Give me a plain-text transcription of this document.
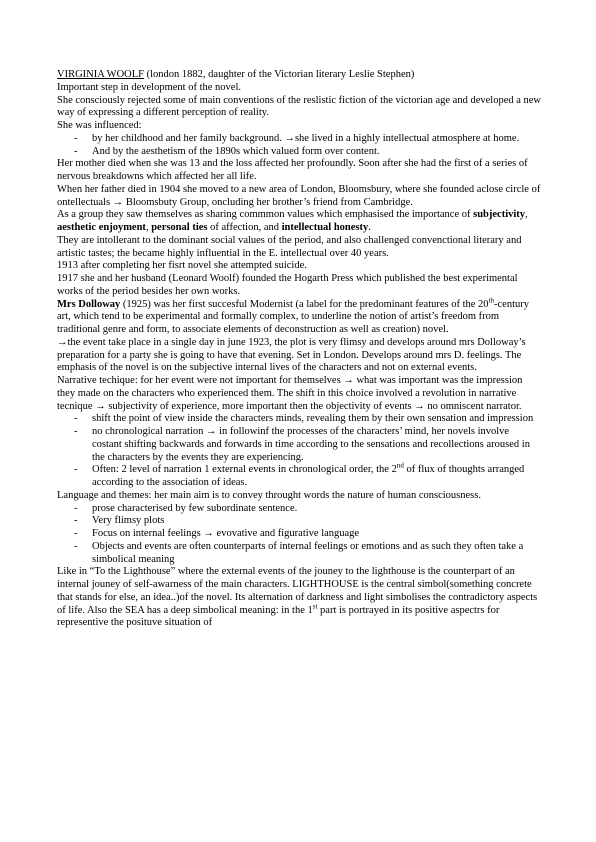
VIRGINIA WOOLF (london 1882, daughter of the Victorian literary Leslie Stephen)

Important step in development of the novel.

She consciously rejected some of main conventions of the reslistic fiction of the victorian age and developed a new way of expressing a different perception of reality.

She was influenced:

- by her childhood and her family background. →she lived in a highly intellectual atmosphere at home.

- And by the aesthetism of the 1890s which valued form over content.

Her mother died when she was 13 and the loss affected her profoundly. Soon after she had the first of a series of nervous breakdowns which affected her all life.

When her father died in 1904 she moved to a new area of London, Bloomsbury, where she founded aclose circle of ontellectuals → Bloomsbuty Group, oncluding her brother’s friend from Cambridge.

As a group they saw themselves as sharing commmon values which emphasised the importance of subjectivity, aesthetic enjoyment, personal ties of affection, and intellectual honesty.

They are intollerant to the dominant social values of the period, and also challenged convenctional literary and artistic tastes; the became highly influential in the E. intellectual over 40 years.

1913 after completing her fisrt novel she attempted suicide.

1917 she and her husband (Leonard Woolf) founded the Hogarth Press which published the best experimental works of the period besides her own works.

Mrs Dolloway (1925) was her first succesful Modernist (a label for the predominant features of the 20th-century art, which tend to be experimental and formally complex, to underline the notion of artist’s freedom from traditional genre and form, to associate elements of deconstruction as well as creation) novel.

→the event take place in a single day in june 1923, the plot is very flimsy and develops around mrs Dolloway’s preparation for a party she is going to have that evening. Set in London. Develops around mrs D. feelings. The emphasis of the novel is on the subjective internal lives of the characters and not on external events.

Narrative techique: for her event were not important for themselves → what was important was the impression they made on the characters who experienced them. The shift in this choice involved a revolution in narrative tecnique → subjectivity of experience, more important then the objectivity of events → no omniscent narrator.

- shift the point of view inside the characters minds, revealing them by their own sensation and impression

- no chronological narration → in followinf the processes of the characters’ mind, her novels involve costant shifting backwards and forwards in time according to the sensations and recollections aroused in the characters by the events they are experiencing.

- Often: 2 level of narration 1 external events in chronological order, the 2nd of flux of thoughts arranged according to the association of ideas.

Language and themes: her main aim is to convey throught words the nature of human consciousness.

- prose characterised by few subordinate sentence.

- Very flimsy plots

- Focus on internal feelings → evovative and figurative language

- Objects and events are often counterparts of internal feelings or emotions and as such they often take a simbolical meaning

Like in “To the Lighthouse” where the external events of the jouney to the lighthouse is the counterpart of an internal jouney of self-awarness of the main characters. LIGHTHOUSE is the central simbol(something concrete that stands for else, an idea..)of the novel. Its alternation of darkness and light simbolises the contradictory aspects of life. Also the SEA has a deep simbolical meaning: in the 1st part is portrayed in its positive aspectrs for representive the posituve situation of
